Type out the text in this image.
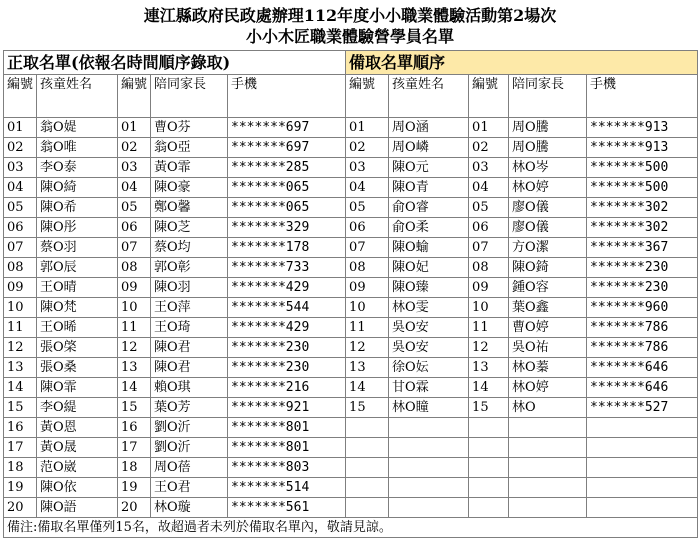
連江縣政府民政處辦理112年度小小職業體驗活動第2場次
小小木匠職業體驗營學員名單
正取名單(依報名時間順序錄取)					備取名單順序				
編號	孩童姓名	編號	陪同家長	手機	編號	孩童姓名	編號	陪同家長	手機
01	翁O媞	01	曹O芬	*******697	01	周O涵	01	周O騰	*******913
02	翁O唯	02	翁O亞	*******697	02	周O嶙	02	周O騰	*******913
03	李O泰	03	黃O霏	*******285	03	陳O元	03	林O岑	*******500
04	陳O綺	04	陳O豪	*******065	04	陳O青	04	林O婷	*******500
05	陳O希	05	鄭O馨	*******065	05	俞O睿	05	廖O儀	*******302
06	陳O彤	06	陳O芝	*******329	06	俞O柔	06	廖O儀	*******302
07	蔡O羽	07	蔡O均	*******178	07	陳O蝓	07	方O潔	*******367
08	郭O辰	08	郭O彰	*******733	08	陳O妃	08	陳O錡	*******230
09	王O晴	09	陳O羽	*******429	09	陳O臻	09	鍾O容	*******230
10	陳O梵	10	王O萍	*******544	10	林O雯	10	葉O鑫	*******960
11	王O晞	11	王O琦	*******429	11	吳O安	11	曹O婷	*******786
12	張O棨	12	陳O君	*******230	12	吳O安	12	吳O祐	*******786
13	張O桑	13	陳O君	*******230	13	徐O妘	13	林O蓁	*******646
14	陳O霏	14	賴O琪	*******216	14	甘O霖	14	林O婷	*******646
15	李O緹	15	葉O芳	*******921	15	林O瞳	15	林O	*******527
16	黃O恩	16	劉O沂	*******801					
17	黃O晟	17	劉O沂	*******801					
18	范O崴	18	周O蓓	*******803					
19	陳O依	19	王O君	*******514					
20	陳O語	20	林O璇	*******561					
備注:備取名單僅列15名，故超過者未列於備取名單內，敬請見諒。									
